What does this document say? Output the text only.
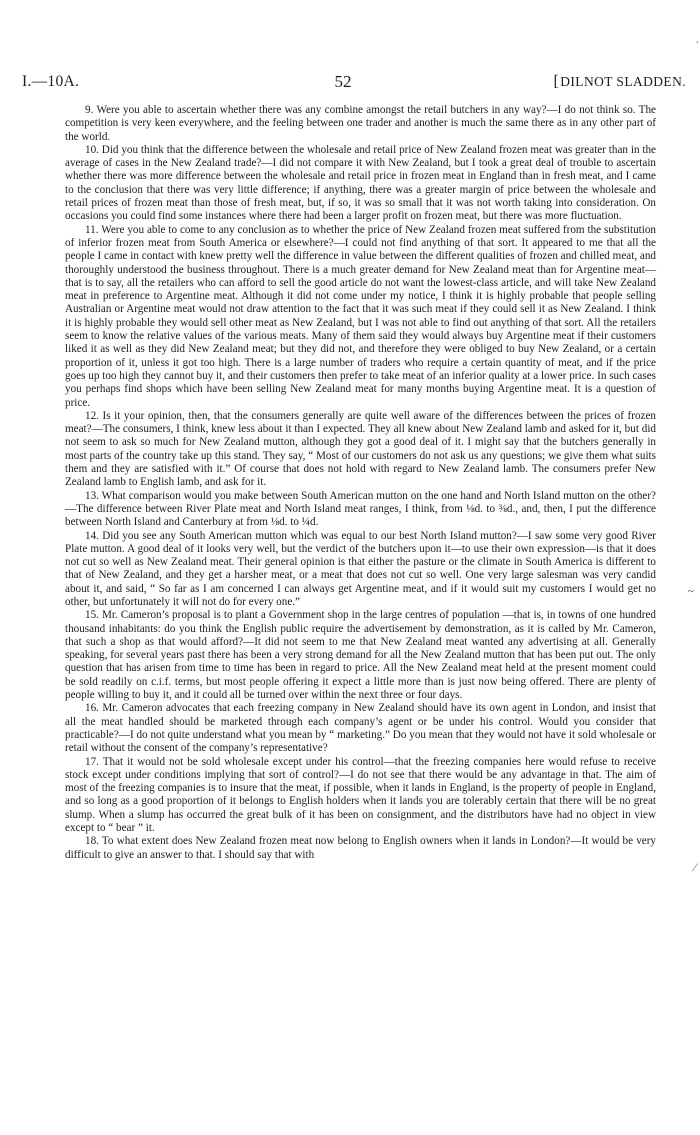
I.—10A.	52
[	DILNOT SLADDEN.

9. Were you able to ascertain whether there was any combine amongst the retail butchers in any way?—I do not think so. The competition is very keen everywhere, and the feeling between one trader and another is much the same there as in any other part of the world.

10. Did you think that the difference between the wholesale and retail price of New Zealand frozen meat was greater than in the average of cases in the New Zealand trade?—I did not compare it with New Zealand, but I took a great deal of trouble to ascertain whether there was more difference between the wholesale and retail price in frozen meat in England than in fresh meat, and I came to the conclusion that there was very little difference; if anything, there was a greater margin of price between the wholesale and retail prices of frozen meat than those of fresh meat, but, if so, it was so small that it was not worth taking into consideration. On occasions you could find some instances where there had been a larger profit on frozen meat, but there was more fluctuation.

11. Were you able to come to any conclusion as to whether the price of New Zealand frozen meat suffered from the substitution of inferior frozen meat from South America or elsewhere?—I could not find anything of that sort. It appeared to me that all the people I came in contact with knew pretty well the difference in value between the different qualities of frozen and chilled meat, and thoroughly understood the business throughout. There is a much greater demand for New Zealand meat than for Argentine meat—that is to say, all the retailers who can afford to sell the good article do not want the lowest-class article, and will take New Zealand meat in preference to Argentine meat. Although it did not come under my notice, I think it is highly probable that people selling Australian or Argentine meat would not draw attention to the fact that it was such meat if they could sell it as New Zealand. I think it is highly probable they would sell other meat as New Zealand, but I was not able to find out anything of that sort. All the retailers seem to know the relative values of the various meats. Many of them said they would always buy Argentine meat if their customers liked it as well as they did New Zealand meat; but they did not, and therefore they were obliged to buy New Zealand, or a certain proportion of it, unless it got too high. There is a large number of traders who require a certain quantity of meat, and if the price goes up too high they cannot buy it, and their customers then prefer to take meat of an inferior quality at a lower price. In such cases you perhaps find shops which have been selling New Zealand meat for many months buying Argentine meat. It is a question of price.

12. Is it your opinion, then, that the consumers generally are quite well aware of the differences between the prices of frozen meat?—The consumers, I think, knew less about it than I expected. They all knew about New Zealand lamb and asked for it, but did not seem to ask so much for New Zealand mutton, although they got a good deal of it. I might say that the butchers generally in most parts of the country take up this stand. They say, “ Most of our customers do not ask us any questions; we give them what suits them and they are satisfied with it.” Of course that does not hold with regard to New Zealand lamb. The consumers prefer New Zealand lamb to English lamb, and ask for it.

13. What comparison would you make between South American mutton on the one hand and North Island mutton on the other?—The difference between River Plate meat and North Island meat ranges, I think, from ⅛d. to ⅜d., and, then, I put the difference between North Island and Canterbury at from ⅛d. to ¼d.

14. Did you see any South American mutton which was equal to our best North Island mutton?—I saw some very good River Plate mutton. A good deal of it looks very well, but the verdict of the butchers upon it—to use their own expression—is that it does not cut so well as New Zealand meat. Their general opinion is that either the pasture or the climate in South America is different to that of New Zealand, and they get a harsher meat, or a meat that does not cut so well. One very large salesman was very candid about it, and said, “ So far as I am concerned I can always get Argentine meat, and if it would suit my customers I would get no other, but unfortunately it will not do for every one.”

15. Mr. Cameron’s proposal is to plant a Government shop in the large centres of population —that is, in towns of one hundred thousand inhabitants: do you think the English public require the advertisement by demonstration, as it is called by Mr. Cameron, that such a shop as that would afford?—It did not seem to me that New Zealand meat wanted any advertising at all. Generally speaking, for several years past there has been a very strong demand for all the New Zealand mutton that has been put out. The only question that has arisen from time to time has been in regard to price. All the New Zealand meat held at the present moment could be sold readily on c.i.f. terms, but most people offering it expect a little more than is just now being offered. There are plenty of people willing to buy it, and it could all be turned over within the next three or four days.

16. Mr. Cameron advocates that each freezing company in New Zealand should have its own agent in London, and insist that all the meat handled should be marketed through each company’s agent or be under his control. Would you consider that practicable?—I do not quite understand what you mean by “ marketing.” Do you mean that they would not have it sold wholesale or retail without the consent of the company’s representative?

17. That it would not be sold wholesale except under his control—that the freezing companies here would refuse to receive stock except under conditions implying that sort of control?—I do not see that there would be any advantage in that. The aim of most of the freezing companies is to insure that the meat, if possible, when it lands in England, is the property of people in England, and so long as a good proportion of it belongs to English holders when it lands you are tolerably certain that there will be no great slump. When a slump has occurred the great bulk of it has been on consignment, and the distributors have had no object in view except to “ bear ” it.

18. To what extent does New Zealand frozen meat now belong to English owners when it lands in London?—It would be very difficult to give an answer to that. I should say that with

'
~
⁄
